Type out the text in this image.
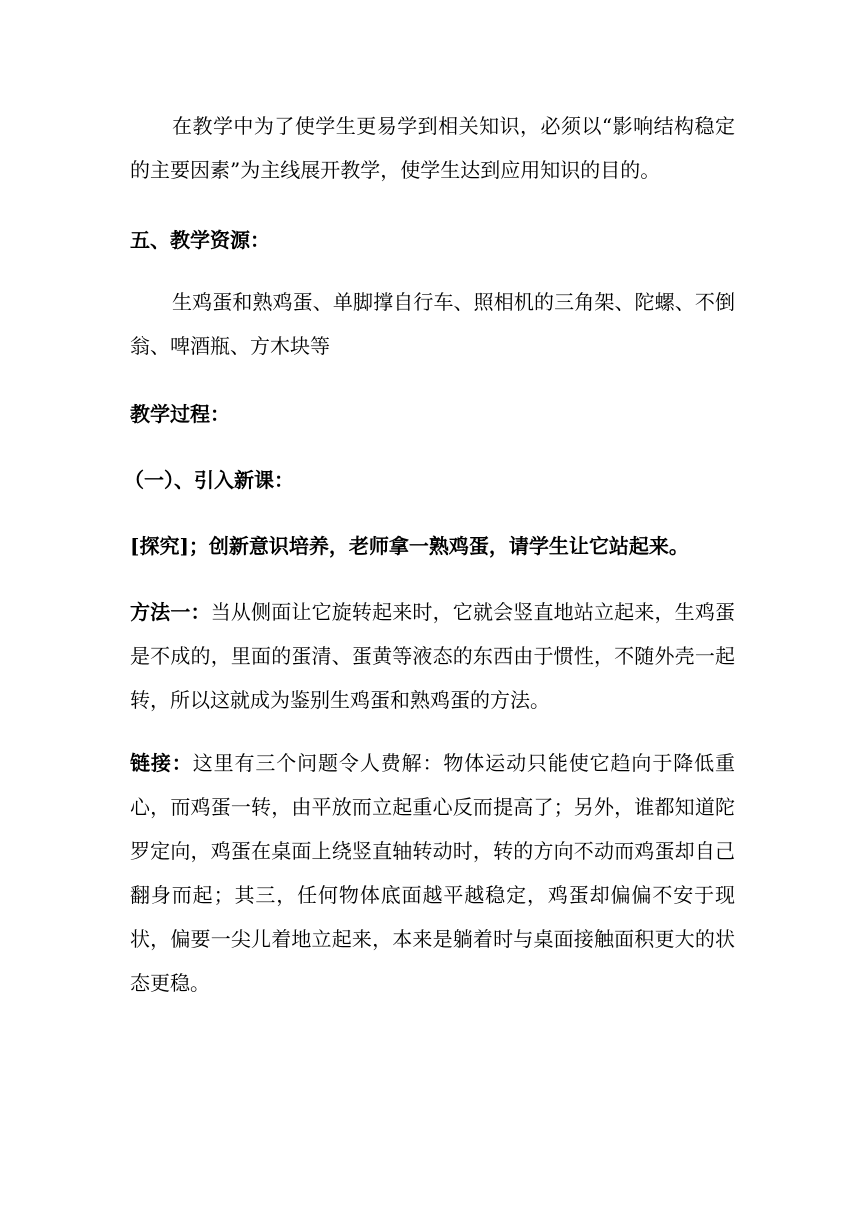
在教学中为了使学生更易学到相关知识，必须以“影响结构稳定的主要因素”为主线展开教学，使学生达到应用知识的目的。

五、教学资源：

生鸡蛋和熟鸡蛋、单脚撑自行车、照相机的三角架、陀螺、不倒翁、啤酒瓶、方木块等

教学过程：

（一）、引入新课：

[探究]；创新意识培养，老师拿一熟鸡蛋，请学生让它站起来。

方法一：当从侧面让它旋转起来时，它就会竖直地站立起来，生鸡蛋是不成的，里面的蛋清、蛋黄等液态的东西由于惯性，不随外壳一起转，所以这就成为鉴别生鸡蛋和熟鸡蛋的方法。

链接：这里有三个问题令人费解：物体运动只能使它趋向于降低重心，而鸡蛋一转，由平放而立起重心反而提高了；另外，谁都知道陀罗定向，鸡蛋在桌面上绕竖直轴转动时，转的方向不动而鸡蛋却自己翻身而起；其三，任何物体底面越平越稳定，鸡蛋却偏偏不安于现状，偏要一尖儿着地立起来，本来是躺着时与桌面接触面积更大的状态更稳。
